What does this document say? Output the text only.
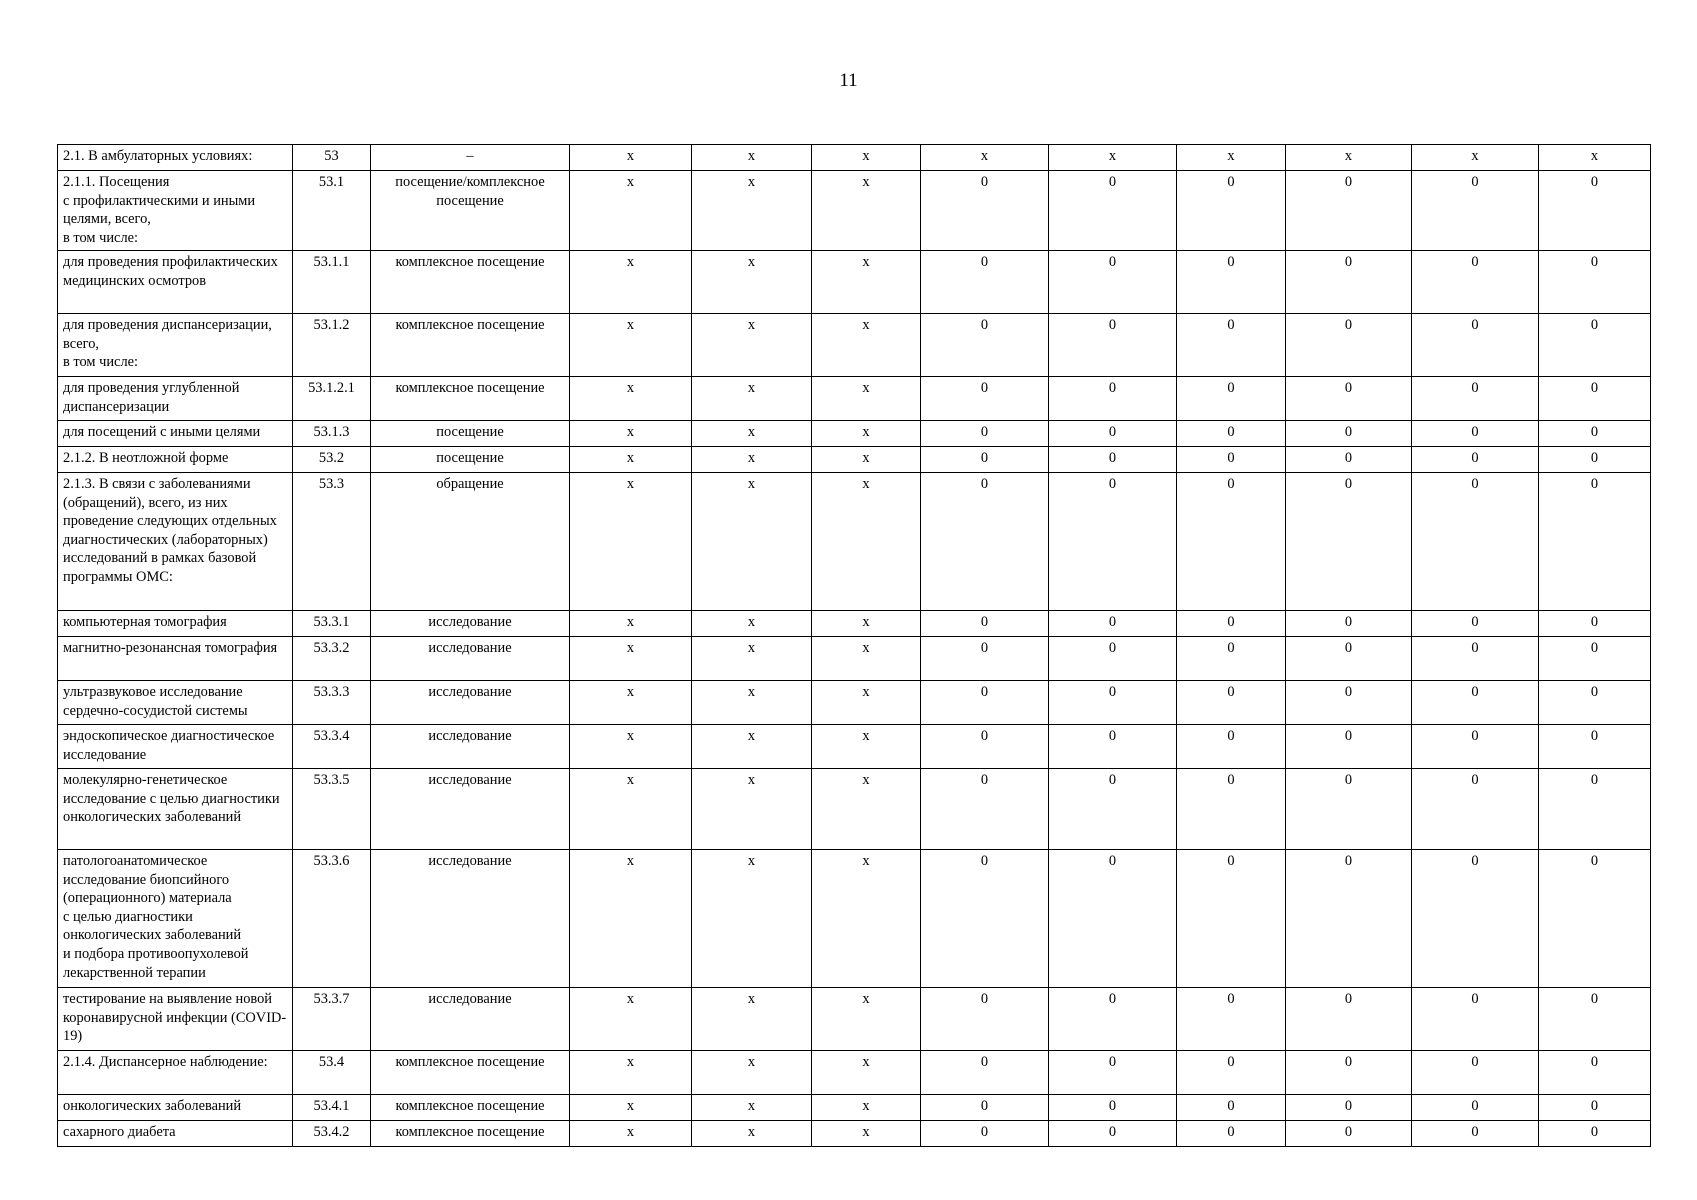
11
2.1. В амбулаторных условиях:	53	–	х	х	х	х	х	х	х	х	х
2.1.1. Посещения
с профилактическими и иными целями, всего,
в том числе:	53.1	посещение/комплексное посещение	х	х	х	0	0	0	0	0	0
для проведения профилактических медицинских осмотров	53.1.1	комплексное посещение	х	х	х	0	0	0	0	0	0
для проведения диспансеризации, всего,
в том числе:	53.1.2	комплексное посещение	х	х	х	0	0	0	0	0	0
для проведения углубленной диспансеризации	53.1.2.1	комплексное посещение	х	х	х	0	0	0	0	0	0
для посещений с иными целями	53.1.3	посещение	х	х	х	0	0	0	0	0	0
2.1.2. В неотложной форме	53.2	посещение	х	х	х	0	0	0	0	0	0
2.1.3. В связи с заболеваниями (обращений), всего, из них проведение следующих отдельных диагностических (лабораторных) исследований в рамках базовой программы ОМС:	53.3	обращение	х	х	х	0	0	0	0	0	0
компьютерная томография	53.3.1	исследование	х	х	х	0	0	0	0	0	0
магнитно-резонансная томография	53.3.2	исследование	х	х	х	0	0	0	0	0	0
ультразвуковое исследование сердечно-сосудистой системы	53.3.3	исследование	х	х	х	0	0	0	0	0	0
эндоскопическое диагностическое исследование	53.3.4	исследование	х	х	х	0	0	0	0	0	0
молекулярно-генетическое исследование с целью диагностики онкологических заболеваний	53.3.5	исследование	х	х	х	0	0	0	0	0	0
патологоанатомическое исследование биопсийного (операционного) материала
с целью диагностики онкологических заболеваний
и подбора противоопухолевой лекарственной терапии	53.3.6	исследование	х	х	х	0	0	0	0	0	0
тестирование на выявление новой коронавирусной инфекции (COVID-19)	53.3.7	исследование	х	х	х	0	0	0	0	0	0
2.1.4. Диспансерное наблюдение:	53.4	комплексное посещение	х	х	х	0	0	0	0	0	0
онкологических заболеваний	53.4.1	комплексное посещение	х	х	х	0	0	0	0	0	0
сахарного диабета	53.4.2	комплексное посещение	х	х	х	0	0	0	0	0	0
